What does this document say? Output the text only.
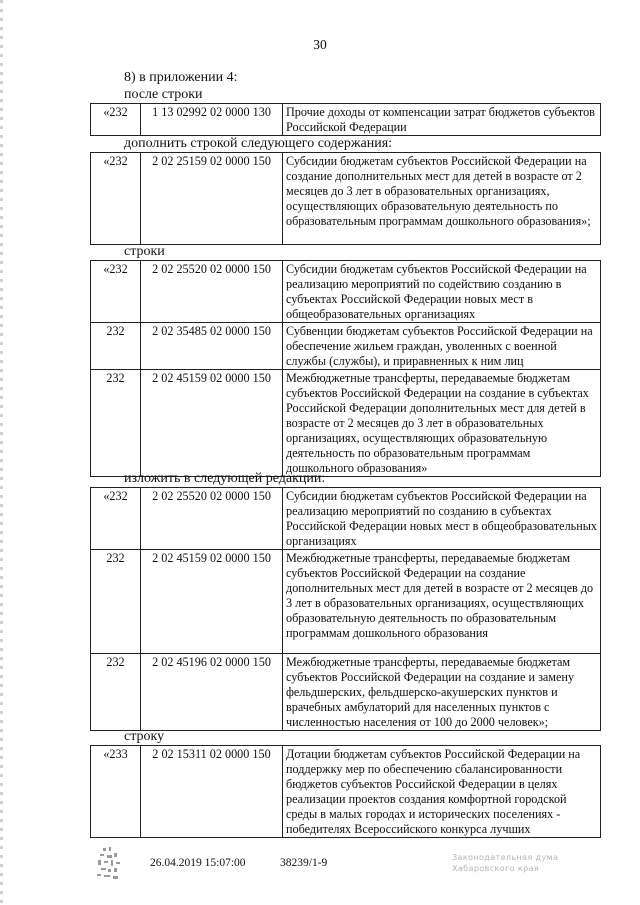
30
8) в приложении 4:
после строки
«232	1 13 02992 02 0000 130	Прочие доходы от компенсации затрат бюджетов субъектов Российской Федерации
дополнить строкой следующего содержания:
«232	2 02 25159 02 0000 150	Субсидии бюджетам субъектов Российской Федерации на создание дополнительных мест для детей в возрасте от 2 месяцев до 3 лет в образовательных организациях, осуществляющих образовательную деятельность по образовательным программам дошкольного образования»;
строки
«232	2 02 25520 02 0000 150	Субсидии бюджетам субъектов Российской Федерации на реализацию мероприятий по содействию созданию в субъектах Российской Федерации новых мест в общеобразовательных организациях
232	2 02 35485 02 0000 150	Субвенции бюджетам субъектов Российской Федерации на обеспечение жильем граждан, уволенных с военной службы (службы), и приравненных к ним лиц
232	2 02 45159 02 0000 150	Межбюджетные трансферты, передаваемые бюджетам субъектов Российской Федерации на создание в субъектах Российской Федерации дополнительных мест для детей в возрасте от 2 месяцев до 3 лет в образовательных организациях, осуществляющих образовательную деятельность по образовательным программам дошкольного образования»
изложить в следующей редакции:
«232	2 02 25520 02 0000 150	Субсидии бюджетам субъектов Российской Федерации на реализацию мероприятий по созданию в субъектах Российской Федерации новых мест в общеобразовательных организациях
232	2 02 45159 02 0000 150	Межбюджетные трансферты, передаваемые бюджетам субъектов Российской Федерации на создание дополнительных мест для детей в возрасте от 2 месяцев до 3 лет в образовательных организациях, осуществляющих образовательную деятельность по образовательным программам дошкольного образования
232	2 02 45196 02 0000 150	Межбюджетные трансферты, передаваемые бюджетам субъектов Российской Федерации на создание и замену фельдшерских, фельдшерско-акушерских пунктов и врачебных амбулаторий для населенных пунктов с численностью населения от 100 до 2000 человек»;
строку
«233	2 02 15311 02 0000 150	Дотации бюджетам субъектов Российской Федерации на поддержку мер по обеспечению сбалансированности бюджетов субъектов Российской Федерации в целях реализации проектов создания комфортной городской среды в малых городах и исторических поселениях - победителях Всероссийского конкурса лучших
26.04.2019 15:07:00	38239/1-9	Законодательная дума Хабаровского края
